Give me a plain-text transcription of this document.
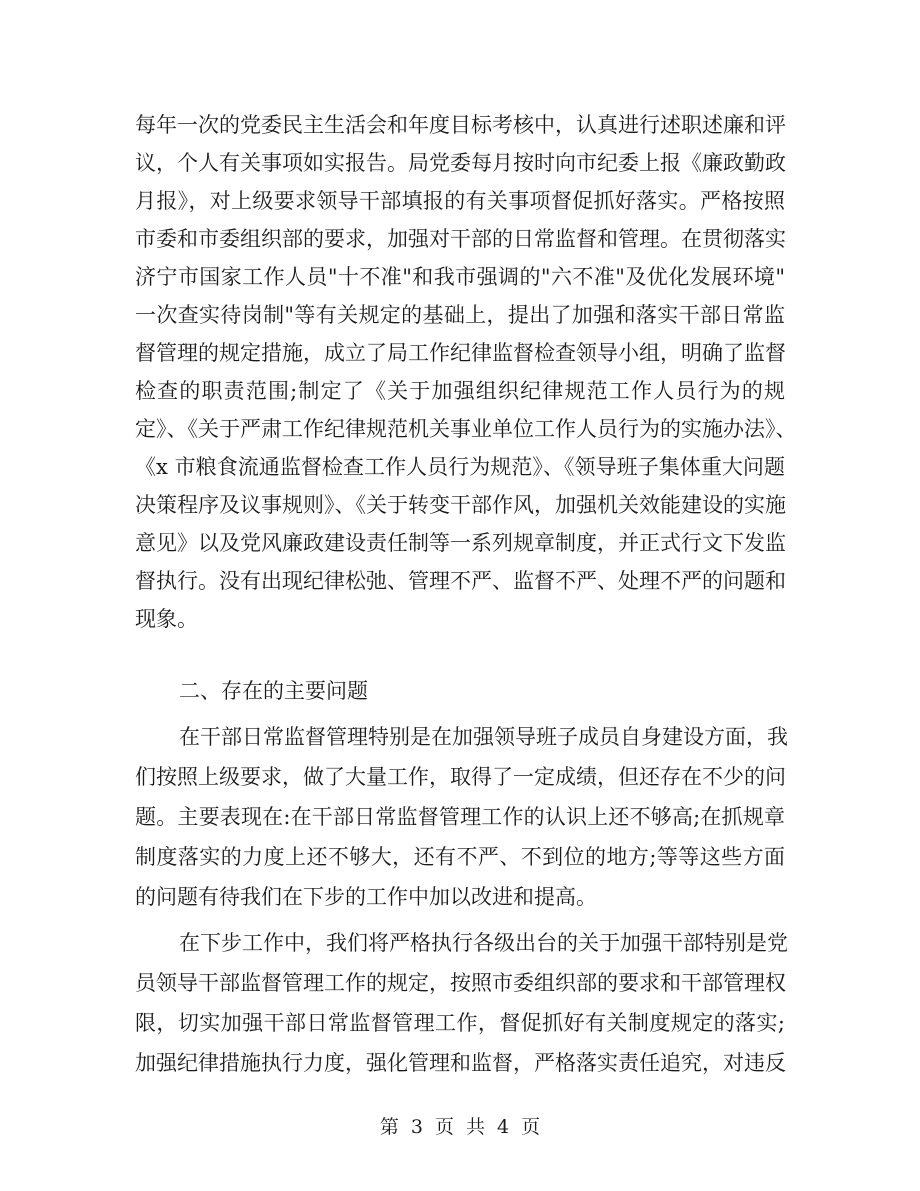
每年一次的党委民主生活会和年度目标考核中，认真进行述职述廉和评
议，个人有关事项如实报告。局党委每月按时向市纪委上报《廉政勤政
月报》，对上级要求领导干部填报的有关事项督促抓好落实。严格按照
市委和市委组织部的要求，加强对干部的日常监督和管理。在贯彻落实
济宁市国家工作人员"十不准"和我市强调的"六不准"及优化发展环境"
一次查实待岗制"等有关规定的基础上，提出了加强和落实干部日常监
督管理的规定措施，成立了局工作纪律监督检查领导小组，明确了监督
检查的职责范围;制定了《关于加强组织纪律规范工作人员行为的规
定》、《关于严肃工作纪律规范机关事业单位工作人员行为的实施办法》、
《x 市粮食流通监督检查工作人员行为规范》、《领导班子集体重大问题
决策程序及议事规则》、《关于转变干部作风，加强机关效能建设的实施
意见》以及党风廉政建设责任制等一系列规章制度，并正式行文下发监
督执行。没有出现纪律松弛、管理不严、监督不严、处理不严的问题和
现象。
二、存在的主要问题
在干部日常监督管理特别是在加强领导班子成员自身建设方面，我
们按照上级要求，做了大量工作，取得了一定成绩，但还存在不少的问
题。主要表现在:在干部日常监督管理工作的认识上还不够高;在抓规章
制度落实的力度上还不够大，还有不严、不到位的地方;等等这些方面
的问题有待我们在下步的工作中加以改进和提高。
在下步工作中，我们将严格执行各级出台的关于加强干部特别是党
员领导干部监督管理工作的规定，按照市委组织部的要求和干部管理权
限，切实加强干部日常监督管理工作，督促抓好有关制度规定的落实;
加强纪律措施执行力度，强化管理和监督，严格落实责任追究，对违反
第 3 页 共 4 页
